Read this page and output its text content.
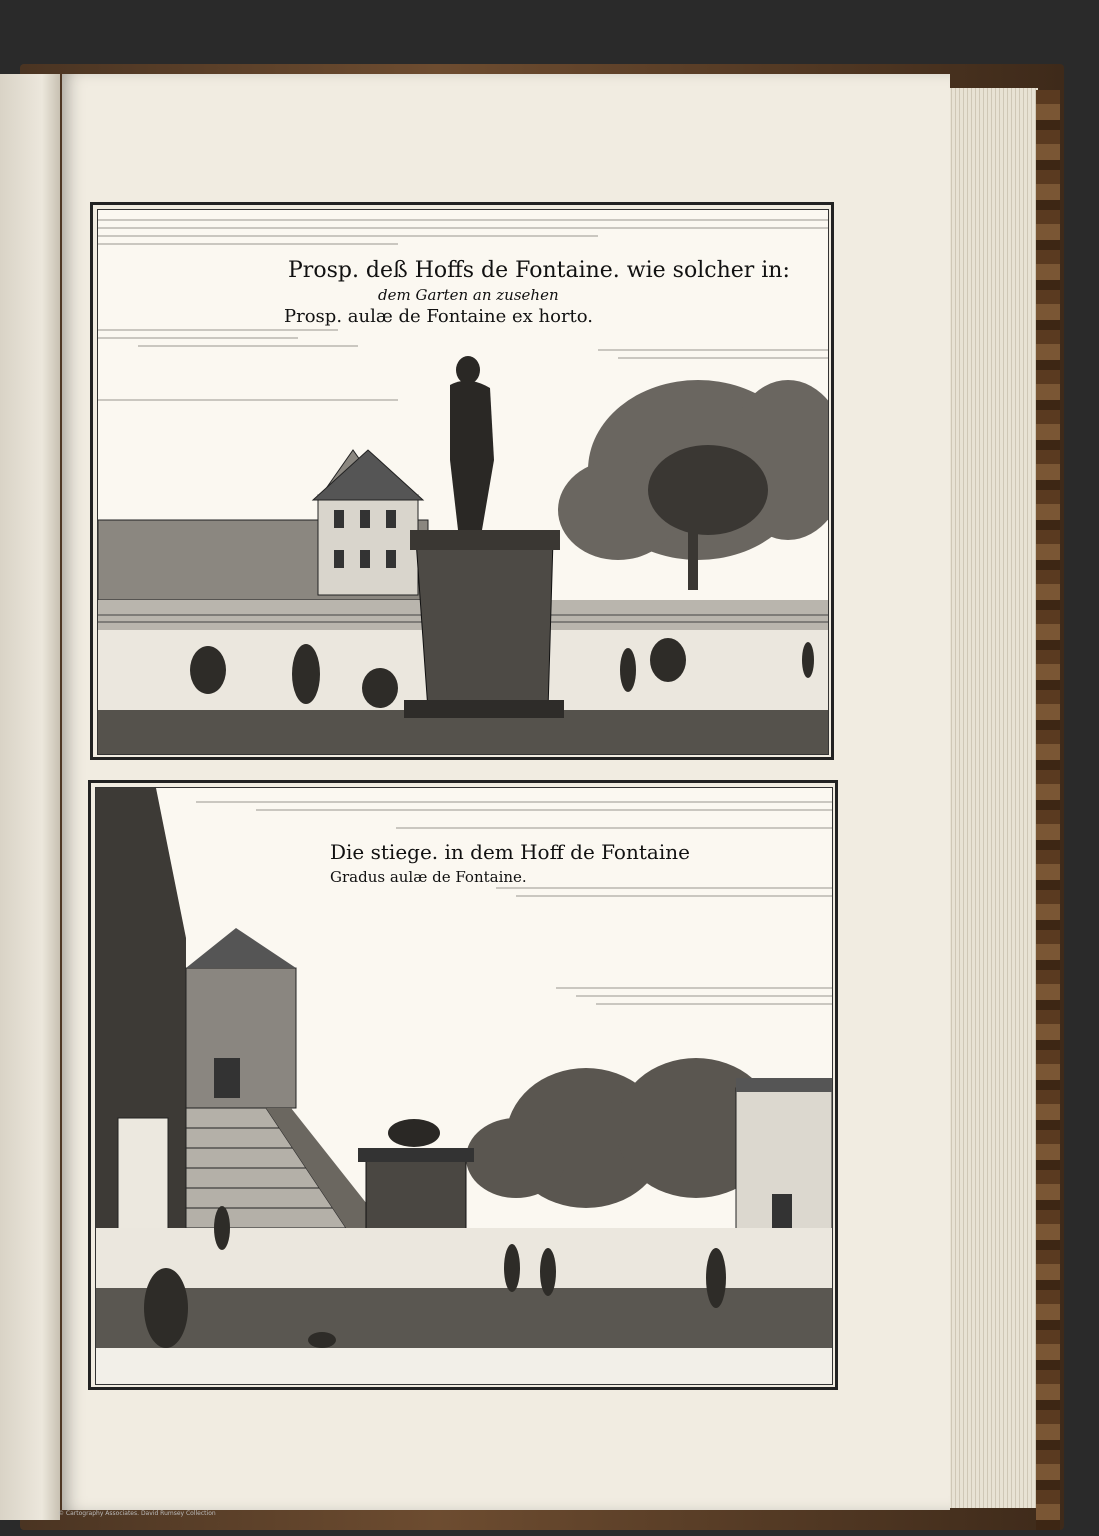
Prosp. deß Hoffs de Fontaine. wie solcher in:
dem Garten an zusehen
Prosp. aulæ de Fontaine ex horto.
Die stiege. in dem Hoff de Fontaine
Gradus aulæ de Fontaine.
© Cartography Associates. David Rumsey Collection
